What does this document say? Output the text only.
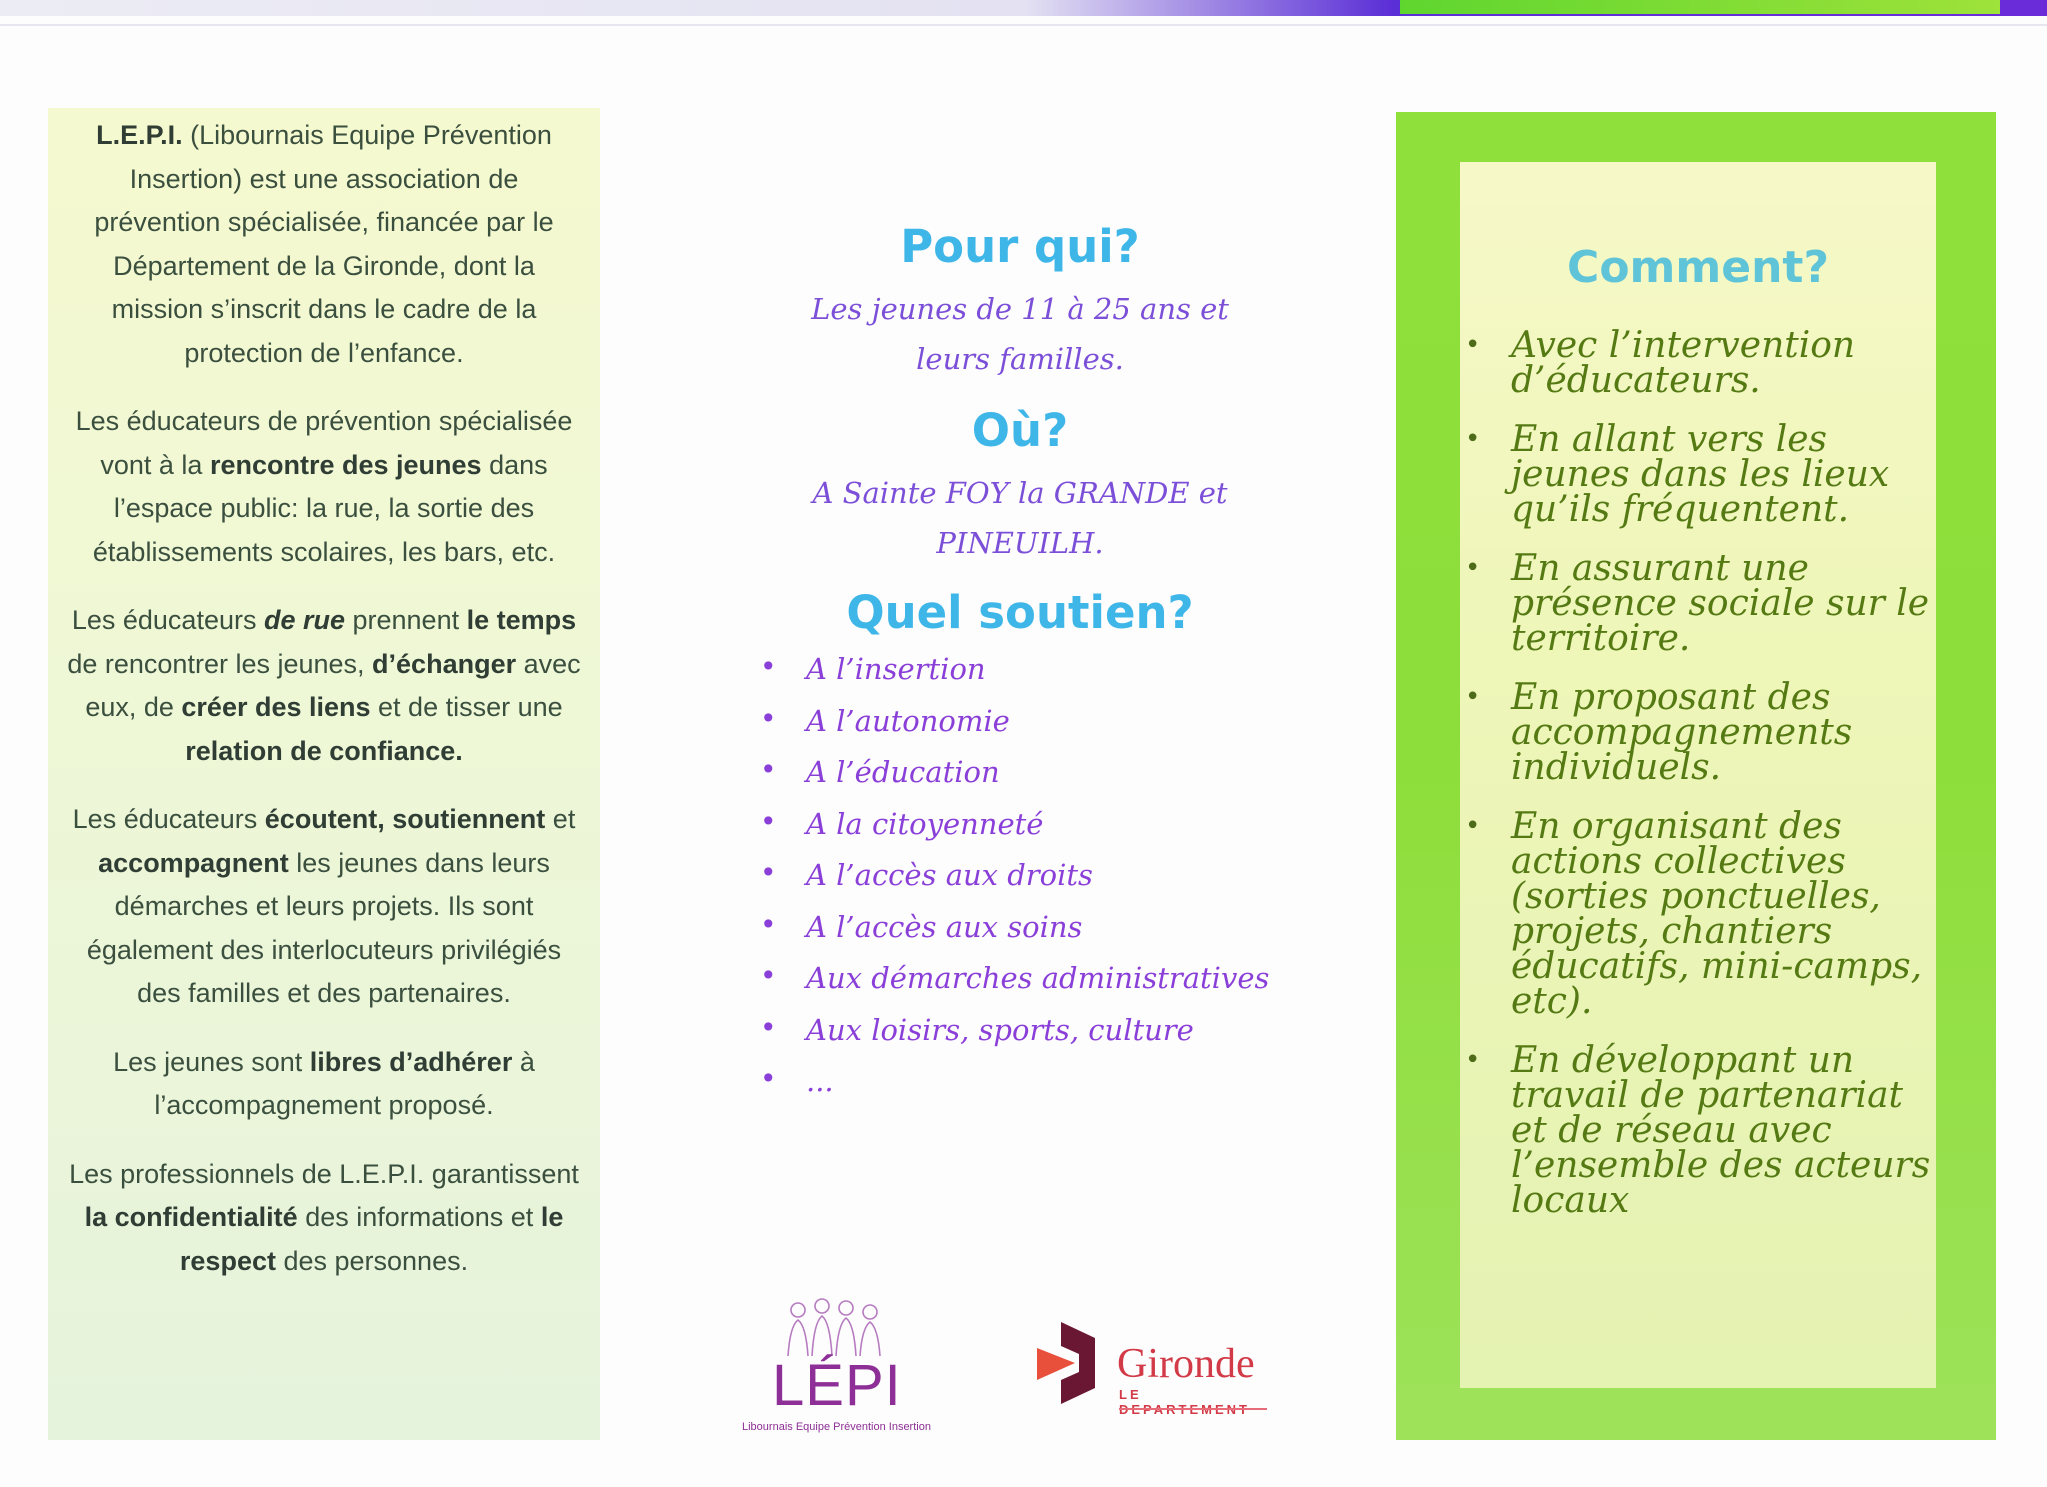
L.E.P.I. (Libournais Equipe Prévention Insertion) est une association de prévention spécialisée, financée par le Département de la Gironde, dont la mission s’inscrit dans le cadre de la protection de l’enfance.

Les éducateurs de prévention spécialisée vont à la rencontre des jeunes dans l’espace public: la rue, la sortie des établissements scolaires, les bars, etc.

Les éducateurs de rue prennent le temps de rencontrer les jeunes, d’échanger avec eux, de créer des liens et de tisser une relation de confiance.

Les éducateurs écoutent, soutiennent et accompagnent les jeunes dans leurs démarches et leurs projets. Ils sont également des interlocuteurs privilégiés des familles et des partenaires.

Les jeunes sont libres d’adhérer à l’accompagnement proposé.

Les professionnels de L.E.P.I. garantissent la confidentialité des informations et le respect des personnes.

Pour qui?
Les jeunes de 11 à 25 ans et
leurs familles.
Où?
A Sainte FOY la GRANDE et
PINEUILH.
Quel soutien?
• A l’insertion
• A l’autonomie
• A l’éducation
• A la citoyenneté
• A l’accès aux droits
• A l’accès aux soins
• Aux démarches administratives
• Aux loisirs, sports, culture
• ...
LÉPI
Libournais Equipe Prévention Insertion
Gironde
LE
Comment?
• Avec l’intervention d’éducateurs.
• En allant vers les jeunes dans les lieux qu’ils fréquentent.
• En assurant une présence sociale sur le territoire.
• En proposant des accompagnements individuels.
• En organisant des actions collectives (sorties ponctuelles, projets, chantiers éducatifs, mini-camps, etc).
• En développant un travail de partenariat et de réseau avec l’ensemble des acteurs locaux
